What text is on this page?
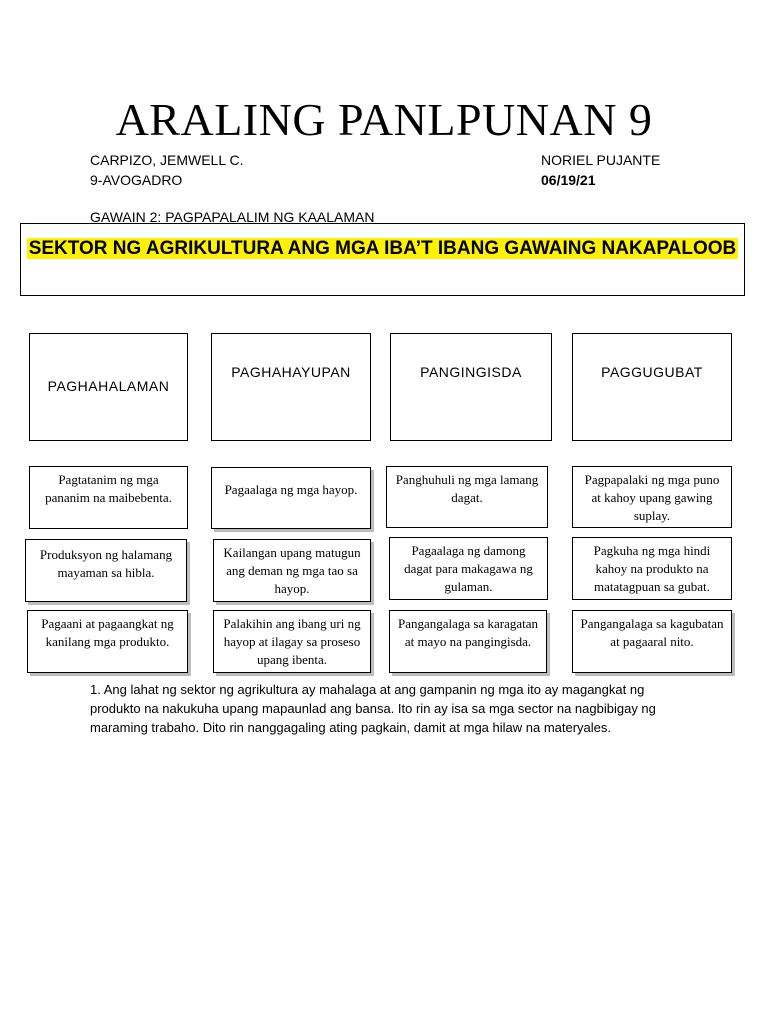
ARALING PANLPUNAN 9
CARPIZO, JEMWELL C.
9-AVOGADRO
NORIEL PUJANTE
06/19/21
GAWAIN 2: PAGPAPALALIM NG KAALAMAN
SEKTOR NG AGRIKULTURA ANG MGA IBA’T IBANG GAWAING NAKAPALOOB
PAGHAHALAMAN
PAGHAHAYUPAN	PANGINGISDA	PAGGUGUBAT
Pagtatanim ng mga pananim na maibebenta.
Produksyon ng halamang mayaman sa hibla.
Pagaani at pagaangkat ng kanilang mga produkto.
Pagaalaga ng mga hayop.
Kailangan upang matugun ang deman ng mga tao sa hayop.
Palakihin ang ibang uri ng hayop at ilagay sa proseso upang ibenta.
Panghuhuli ng mga lamang dagat.
Pagaalaga ng damong dagat para makagawa ng gulaman.
Pangangalaga sa karagatan at mayo na pangingisda.
Pagpapalaki ng mga puno at kahoy upang gawing suplay.
Pagkuha ng mga hindi kahoy na produkto na matatagpuan sa gubat.
Pangangalaga sa kagubatan at pagaaral nito.
1. Ang lahat ng sektor ng agrikultura ay mahalaga at ang gampanin ng mga ito ay magangkat ng produkto na nakukuha upang mapaunlad ang bansa. Ito rin ay isa sa mga sector na nagbibigay ng maraming trabaho. Dito rin nanggagaling ating pagkain, damit at mga hilaw na materyales.
